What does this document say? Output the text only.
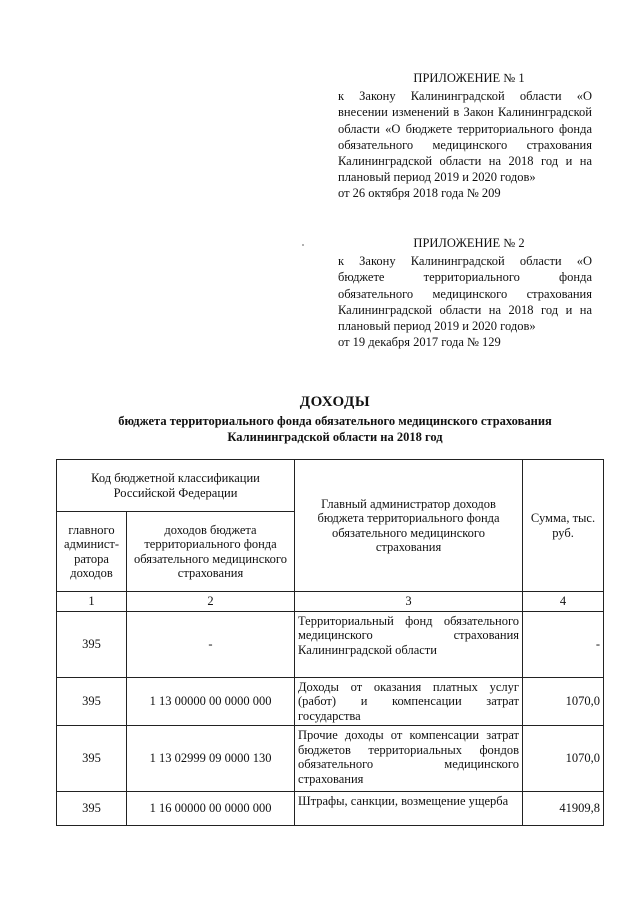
ПРИЛОЖЕНИЕ № 1
к Закону Калининградской области «О внесении изменений в Закон Калининградской области «О бюджете территориального фонда обязательного медицинского страхования Калининградской области на 2018 год и на плановый период 2019 и 2020 годов»
от 26 октября 2018 года № 209
ПРИЛОЖЕНИЕ № 2
к Закону Калининградской области «О бюджете территориального фонда обязательного медицинского страхования Калининградской области на 2018 год и на плановый период 2019 и 2020 годов»
от 19 декабря 2017 года № 129
ДОХОДЫ
бюджета территориального фонда обязательного медицинского страхования
Калининградской области на 2018 год
Код бюджетной классификации Российской Федерации		Главный администратор доходов бюджета территориального фонда обязательного медицинского страхования	Сумма, тыс. руб.
главного админист-ратора доходов	доходов бюджета территориального фонда обязательного медицинского страхования		
1	2	3	4
395	-	Территориальный фонд обязательного медицинского страхования Калининградской области	-
395	1 13 00000 00 0000 000	Доходы от оказания платных услуг (работ) и компенсации затрат государства	1070,0
395	1 13 02999 09 0000 130	Прочие доходы от компенсации затрат бюджетов территориальных фондов обязательного медицинского страхования	1070,0
395	1 16 00000 00 0000 000	Штрафы, санкции, возмещение ущерба	41909,8
